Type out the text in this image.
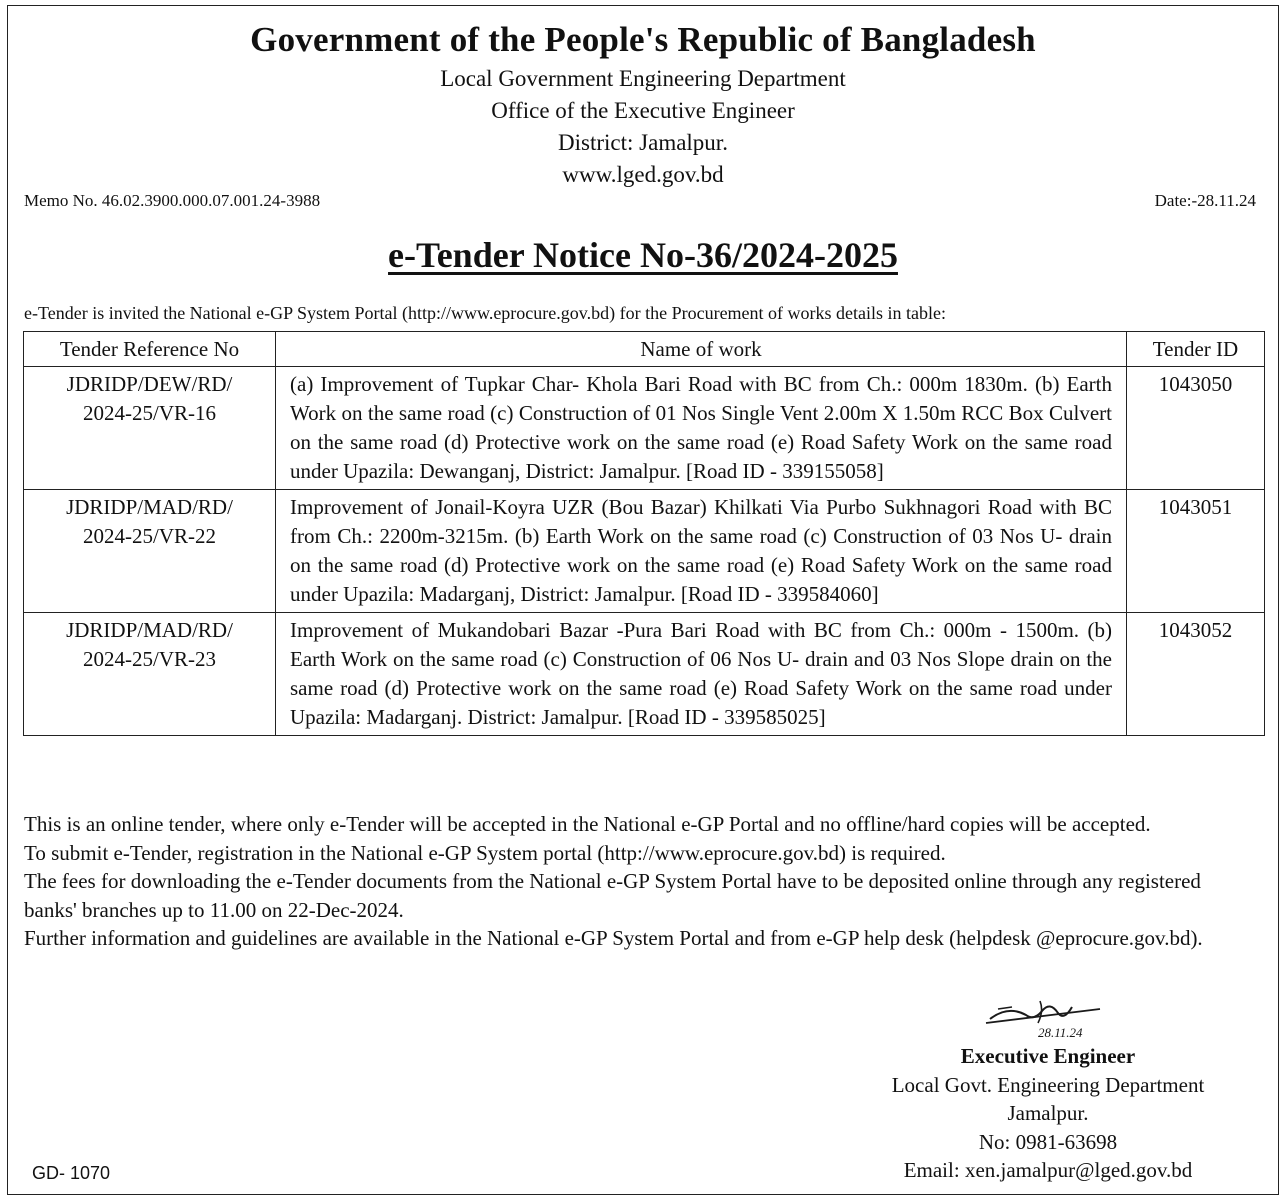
Government of the People's Republic of Bangladesh
Local Government Engineering Department
Office of the Executive Engineer
District: Jamalpur.
www.lged.gov.bd
Memo No. 46.02.3900.000.07.001.24-3988	Date:-28.11.24
e-Tender Notice No-36/2024-2025
e-Tender is invited the National e-GP System Portal (http://www.eprocure.gov.bd) for the Procurement of works details in table:
Tender Reference No	Name of work	Tender ID

JDRIDP/DEW/RD/
2024-25/VR-16	(a) Improvement of Tupkar Char- Khola Bari Road with BC from Ch.: 000m 1830m. (b) Earth Work on the same road (c) Construction of 01 Nos Single Vent 2.00m X 1.50m RCC Box Culvert on the same road (d) Protective work on the same road (e) Road Safety Work on the same road under Upazila: Dewanganj, District: Jamalpur. [Road ID - 339155058]	1043050

JDRIDP/MAD/RD/
2024-25/VR-22	Improvement of Jonail-Koyra UZR (Bou Bazar) Khilkati Via Purbo Sukhnagori Road with BC from Ch.: 2200m-3215m. (b) Earth Work on the same road (c) Construction of 03 Nos U- drain on the same road (d) Protective work on the same road (e) Road Safety Work on the same road under Upazila: Madarganj, District: Jamalpur. [Road ID - 339584060]	1043051

JDRIDP/MAD/RD/
2024-25/VR-23	Improvement of Mukandobari Bazar -Pura Bari Road with BC from Ch.: 000m - 1500m. (b) Earth Work on the same road (c) Construction of 06 Nos U- drain and 03 Nos Slope drain on the same road (d) Protective work on the same road (e) Road Safety Work on the same road under Upazila: Madarganj. District: Jamalpur. [Road ID - 339585025]	1043052

This is an online tender, where only e-Tender will be accepted in the National e-GP Portal and no offline/hard copies will be accepted.

To submit e-Tender, registration in the National e-GP System portal (http://www.eprocure.gov.bd) is required.

The fees for downloading the e-Tender documents from the National e-GP System Portal have to be deposited online through any registered banks' branches up to 11.00 on 22-Dec-2024.

Further information and guidelines are available in the National e-GP System Portal and from e-GP help desk (helpdesk @eprocure.gov.bd).

28.11.24
Executive Engineer
Local Govt. Engineering Department
Jamalpur.
No: 0981-63698
Email: xen.jamalpur@lged.gov.bd
GD- 1070
